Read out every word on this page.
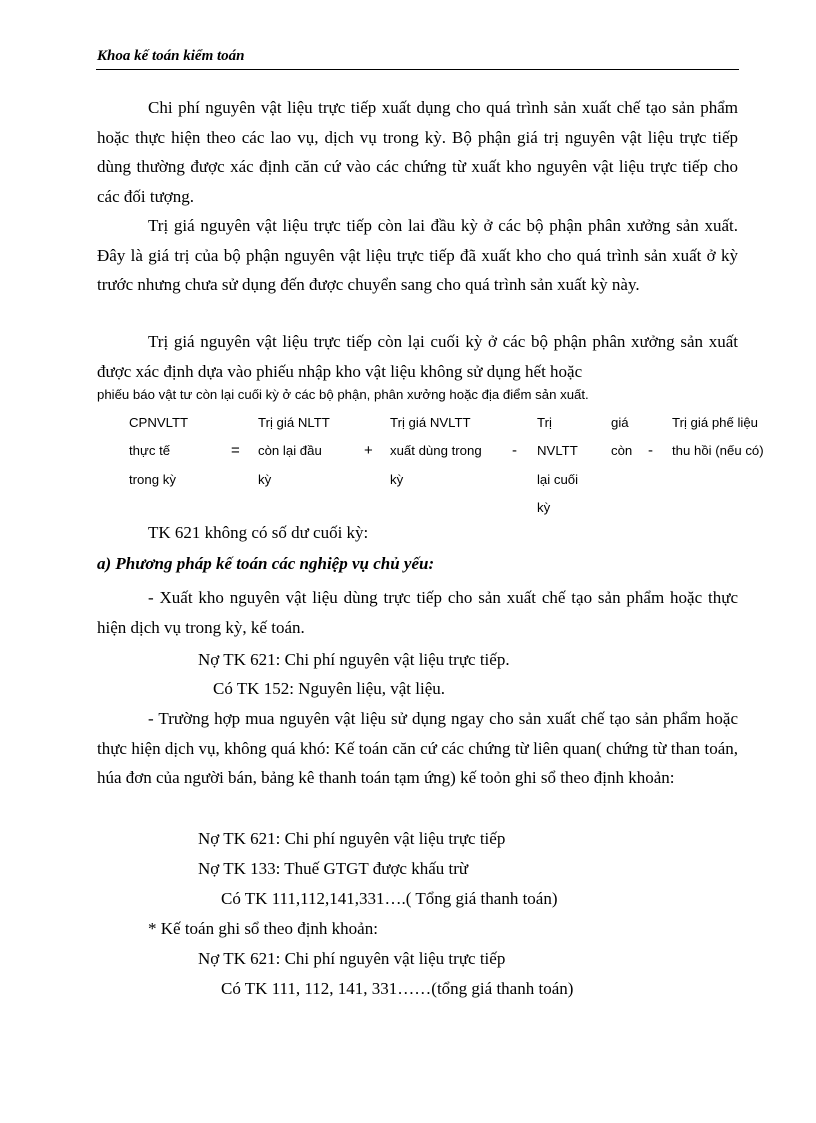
Khoa kế toán kiểm toán

Chi phí nguyên vật liệu trực tiếp xuất dụng cho quá trình sản xuất chế tạo sản phẩm hoặc thực hiện theo các lao vụ, dịch vụ trong kỳ. Bộ phận giá trị nguyên vật liệu trực tiếp dùng thường được xác định căn cứ vào các chứng từ xuất kho nguyên vật liệu trực tiếp cho các đối tượng.

Trị giá nguyên vật liệu trực tiếp còn lai đầu kỳ ở các bộ phận phân xưởng sản xuất. Đây là giá trị của bộ phận nguyên vật liệu trực tiếp đã xuất kho cho quá trình sản xuất ở kỳ trước nhưng chưa sử dụng đến được chuyển sang cho quá trình sản xuất kỳ này.

Trị giá nguyên vật liệu trực tiếp còn lại cuối kỳ ở các bộ phận phân xưởng sản xuất được xác định dựa vào phiếu nhập kho vật liệu không sử dụng hết hoặc

phiếu báo vật tư còn lại cuối kỳ ở các bộ phận, phân xưởng hoặc địa điểm sản xuất.
CPNVLTT
thực tế
trong kỳ
=
Trị giá NLTT
còn lại đầu
kỳ
+
Trị giá NVLTT
xuất dùng trong
kỳ
-
Trị
NVLTT
lại cuối
kỳ
giá
còn -
Trị giá phế liệu
thu hồi (nếu có)
TK 621 không có số dư cuối kỳ:
a) Phương pháp kế toán các nghiệp vụ chủ yếu:

- Xuất kho nguyên vật liệu dùng trực tiếp cho sản xuất chế tạo sản phẩm hoặc thực hiện dịch vụ trong kỳ, kế toán.

Nợ TK 621: Chi phí nguyên vật liệu trực tiếp.
Có TK 152: Nguyên liệu, vật liệu.

- Trường hợp mua nguyên vật liệu sử dụng ngay cho sản xuất chế tạo sản phẩm hoặc thực hiện dịch vụ, không quá khó: Kế toán căn cứ các chứng từ liên quan( chứng từ than toán, húa đơn của người bán, bảng kê thanh toán tạm ứng) kế toỏn ghi sổ theo định khoản:

Nợ TK 621: Chi phí nguyên vật liệu trực tiếp
Nợ TK 133: Thuế GTGT được khấu trừ
Có TK 111,112,141,331….( Tổng giá thanh toán)
* Kế toán ghi sổ theo định khoản:
Nợ TK 621: Chi phí nguyên vật liệu trực tiếp
Có TK 111, 112, 141, 331……(tổng giá thanh toán)
